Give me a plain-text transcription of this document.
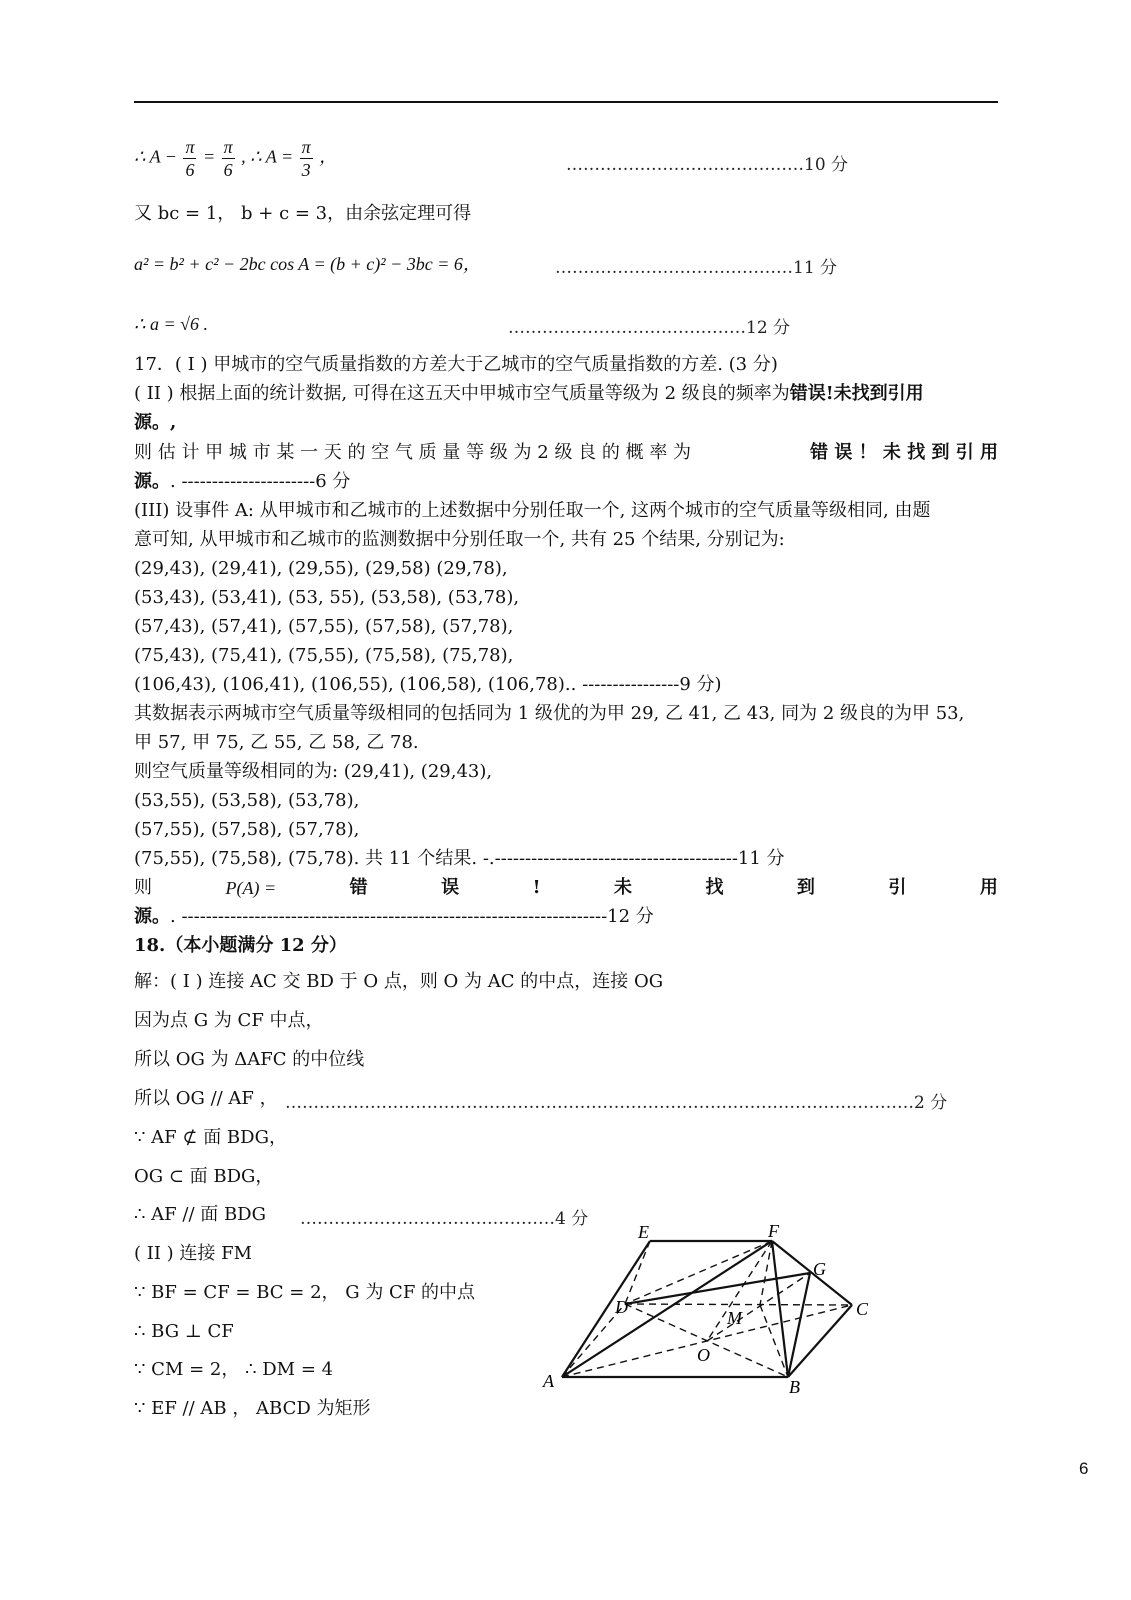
∴ $A - \frac{\pi}{6} = \frac{\pi}{6}$ , ∴ $A = \frac{\pi}{3}$ ，	……………………………………10 分
又 bc = 1， b + c = 3，由余弦定理可得
a² = b² + c² − 2bc cos A = (b + c)² − 3bc = 6，	……………………………………11 分
∴ a = √6 .	……………………………………12 分
17．( I ) 甲城市的空气质量指数的方差大于乙城市的空气质量指数的方差. (3 分)
( II ) 根据上面的统计数据, 可得在这五天中甲城市空气质量等级为 2 级良的频率为错误!未找到引用
源。,
则 估 计 甲 城 市 某 一 天 的 空 气 质 量 等 级 为 2 级 良 的 概 率 为	错 误 ！ 未 找 到 引 用
源。. ----------------------6 分
(III) 设事件 A: 从甲城市和乙城市的上述数据中分别任取一个, 这两个城市的空气质量等级相同, 由题
意可知, 从甲城市和乙城市的监测数据中分别任取一个, 共有 25 个结果, 分别记为:
(29,43), (29,41), (29,55), (29,58) (29,78),
(53,43), (53,41), (53, 55), (53,58), (53,78),
(57,43), (57,41), (57,55), (57,58), (57,78),
(75,43), (75,41), (75,55), (75,58), (75,78),
(106,43), (106,41), (106,55), (106,58), (106,78).. ----------------9 分)
其数据表示两城市空气质量等级相同的包括同为 1 级优的为甲 29, 乙 41, 乙 43, 同为 2 级良的为甲 53,
甲 57, 甲 75, 乙 55, 乙 58, 乙 78.
则空气质量等级相同的为: (29,41), (29,43),
(53,55), (53,58), (53,78),
(57,55), (57,58), (57,78),
(75,55), (75,58), (75,78). 共 11 个结果. -.----------------------------------------11 分
则	P(A) =	错	误	!	未	找	到	引	用
源。. ----------------------------------------------------------------------12 分
18.（本小题满分 12 分）
解：( I ) 连接 AC 交 BD 于 O 点，则 O 为 AC 的中点，连接 OG
因为点 G 为 CF 中点，
所以 OG 为 ΔAFC 的中位线
所以 OG // AF ， …………………………………………………………………………………………………2 分
∵ AF ⊄ 面 BDG，
OG ⊂ 面 BDG，
∴ AF // 面 BDG ………………………………………4 分
( II ) 连接 FM
∵ BF = CF = BC = 2， G 为 CF 的中点
∴ BG ⊥ CF
∵ CM = 2， ∴ DM = 4
∵ EF // AB ， ABCD 为矩形
E	F
G
D
M	C
O
A	B
6
